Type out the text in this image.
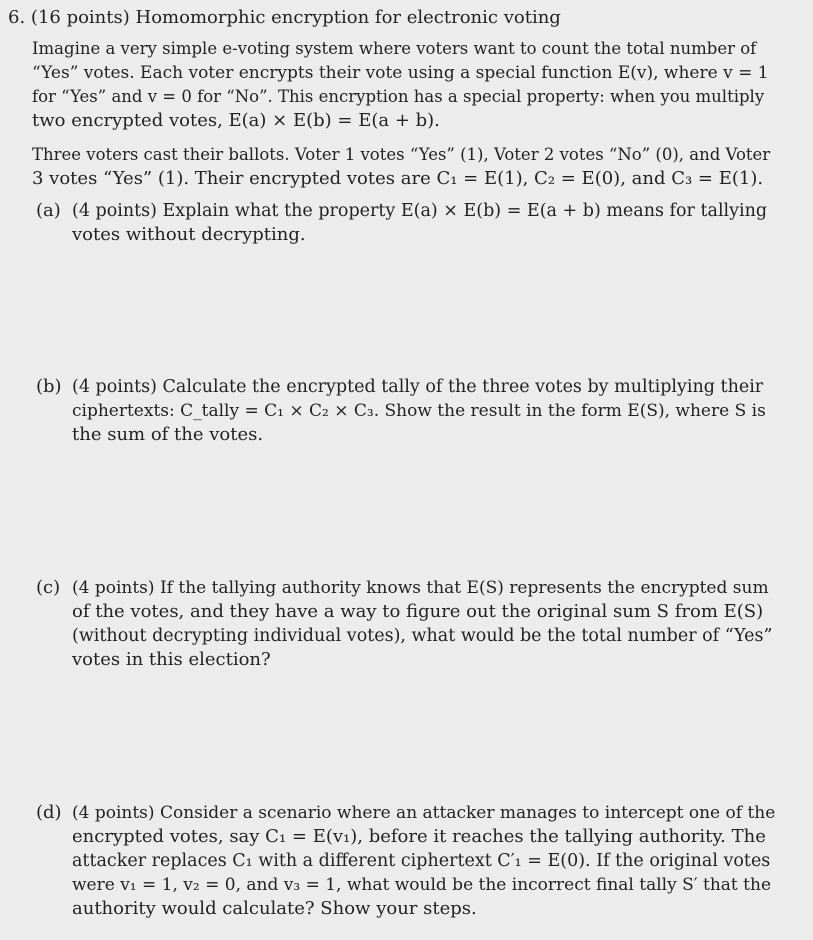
6. (16 points) Homomorphic encryption for electronic voting
Imagine a very simple e-voting system where voters want to count the total number of
“Yes” votes. Each voter encrypts their vote using a special function E(v), where v = 1
for “Yes” and v = 0 for “No”. This encryption has a special property: when you multiply
two encrypted votes, E(a) × E(b) = E(a + b).
Three voters cast their ballots. Voter 1 votes “Yes” (1), Voter 2 votes “No” (0), and Voter
3 votes “Yes” (1). Their encrypted votes are C₁ = E(1), C₂ = E(0), and C₃ = E(1).
(a) (4 points) Explain what the property E(a) × E(b) = E(a + b) means for tallying
votes without decrypting.
(b) (4 points) Calculate the encrypted tally of the three votes by multiplying their
ciphertexts: C_tally = C₁ × C₂ × C₃. Show the result in the form E(S), where S is
the sum of the votes.
(c) (4 points) If the tallying authority knows that E(S) represents the encrypted sum
of the votes, and they have a way to figure out the original sum S from E(S)
(without decrypting individual votes), what would be the total number of “Yes”
votes in this election?
(d) (4 points) Consider a scenario where an attacker manages to intercept one of the
encrypted votes, say C₁ = E(v₁), before it reaches the tallying authority. The
attacker replaces C₁ with a different ciphertext C′₁ = E(0). If the original votes
were v₁ = 1, v₂ = 0, and v₃ = 1, what would be the incorrect final tally S′ that the
authority would calculate? Show your steps.
